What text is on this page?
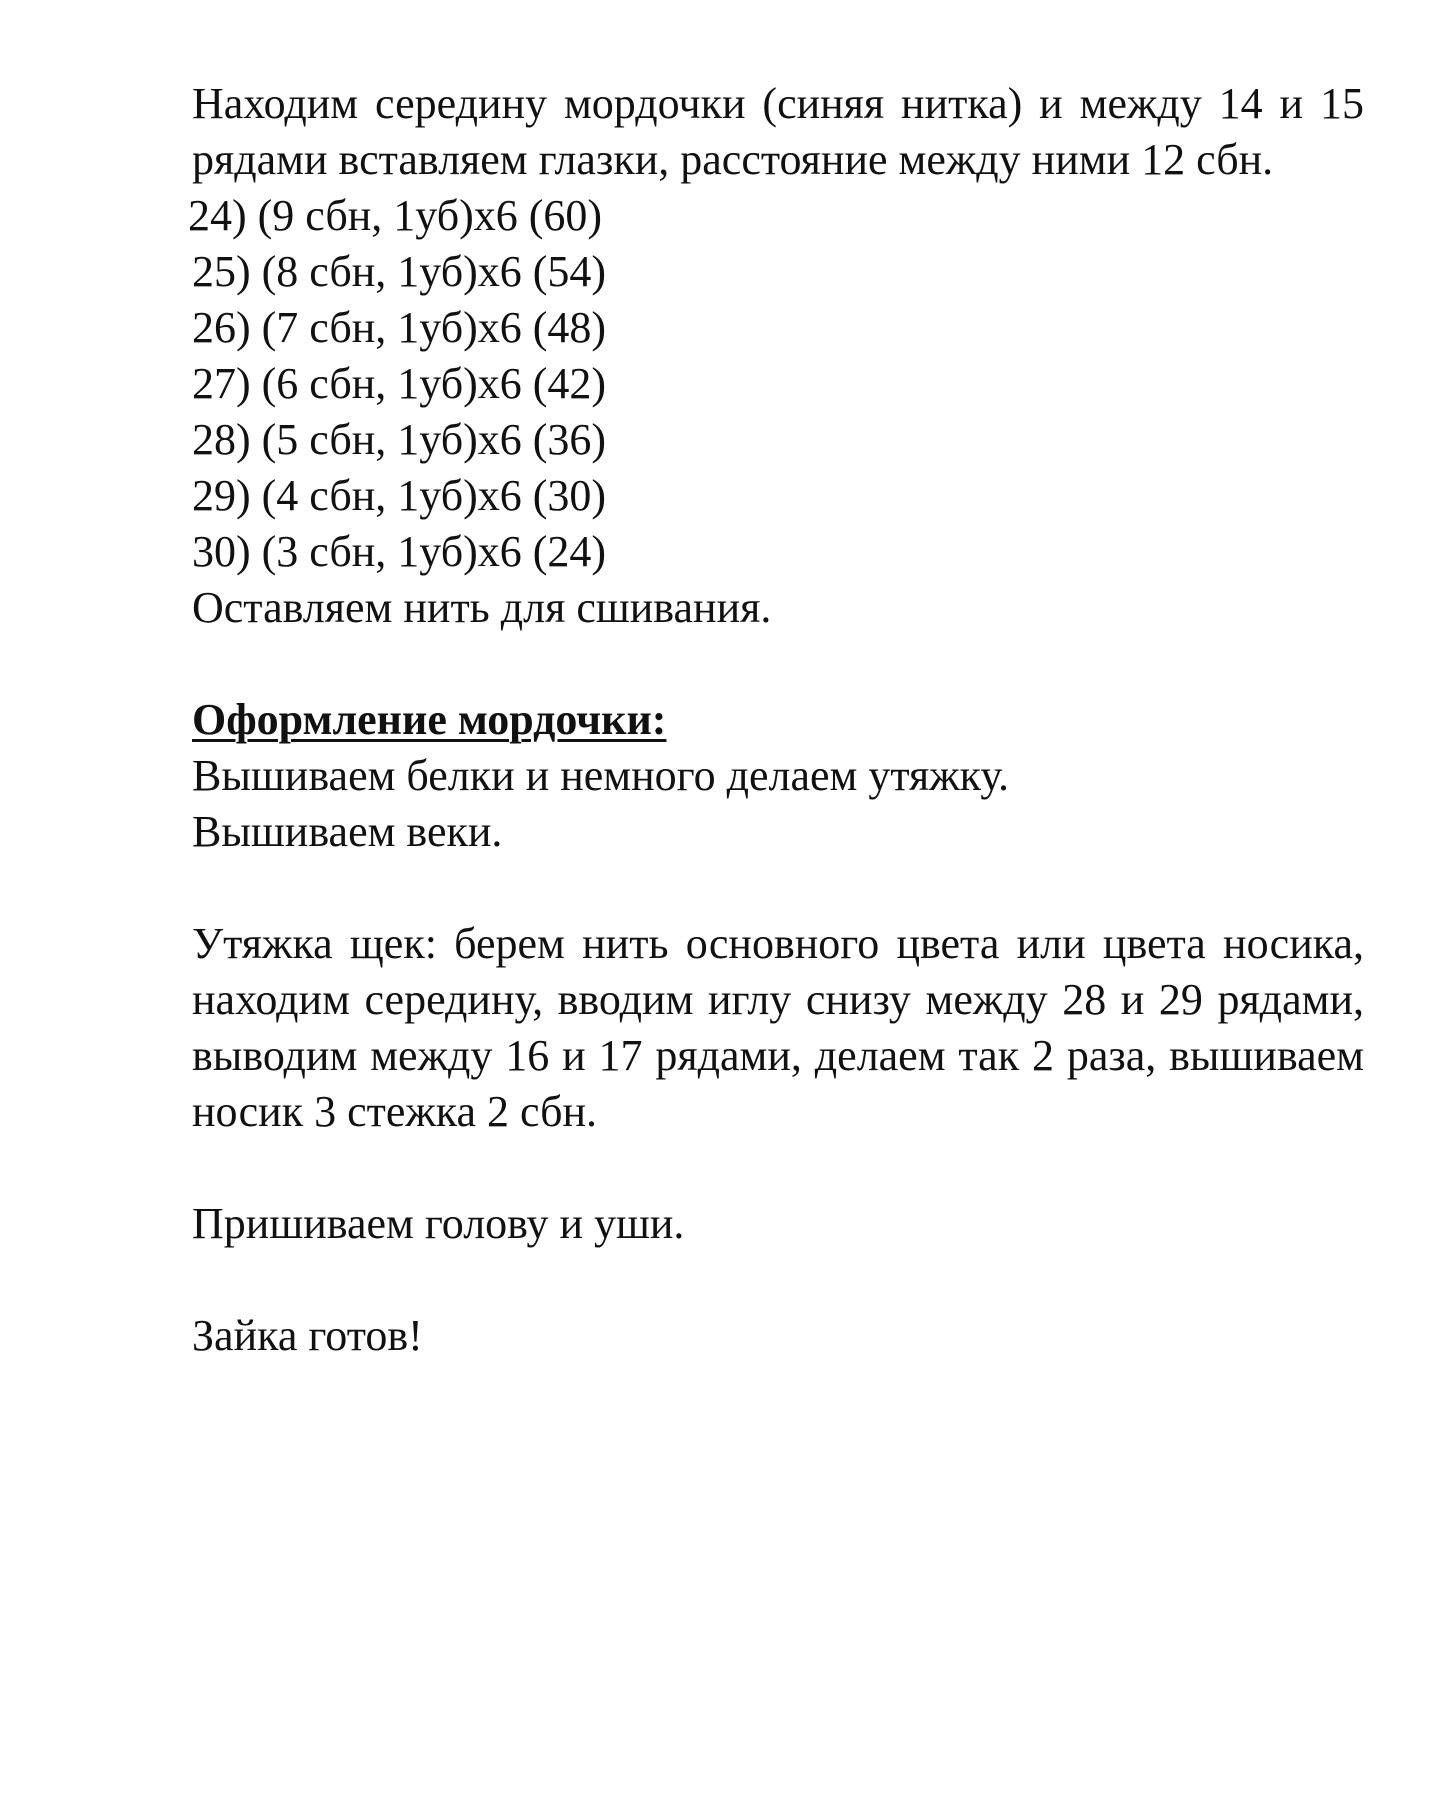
Находим середину мордочки (синяя нитка) и между 14 и 15 рядами вставляем глазки, расстояние между ними 12 сбн.

24) (9 сбн, 1уб)х6 (60)
25) (8 сбн, 1уб)х6 (54)
26) (7 сбн, 1уб)х6 (48)
27) (6 сбн, 1уб)х6 (42)
28) (5 сбн, 1уб)х6 (36)
29) (4 сбн, 1уб)х6 (30)
30) (3 сбн, 1уб)х6 (24)

Оставляем нить для сшивания.

Оформление мордочки:

Вышиваем белки и немного делаем утяжку.

Вышиваем веки.

Утяжка щек: берем нить основного цвета или цвета носика, находим середину, вводим иглу снизу между 28 и 29 рядами, выводим между 16 и 17 рядами, делаем так 2 раза, вышиваем носик 3 стежка 2 сбн.

Пришиваем голову и уши.

Зайка готов!
